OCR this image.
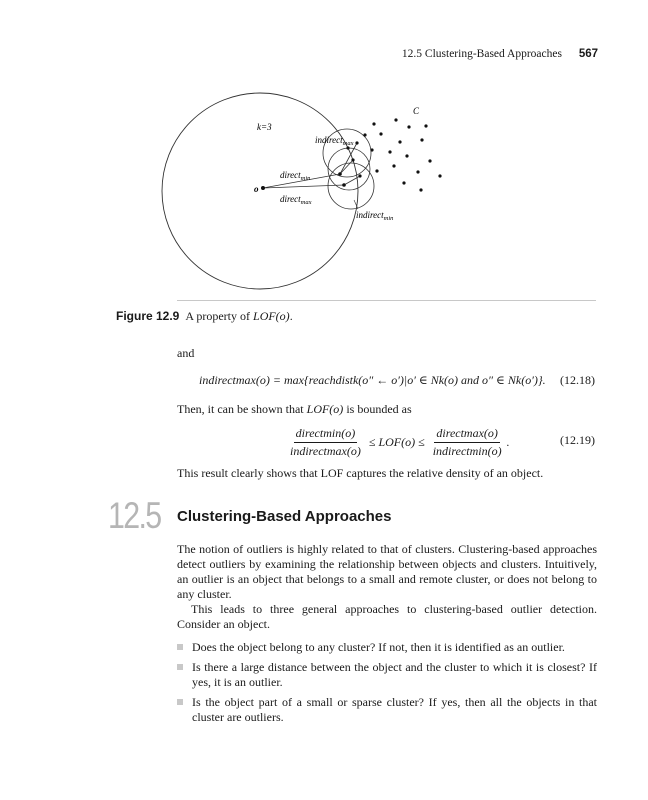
12.5 Clustering-Based Approaches 567
k=3
o
C
direct$_{min}$
direct$_{max}$
indirect$_{max}$
indirect$_{min}$
Figure 12.9 A property of LOF(o).
and
indirectmax(o) = max{reachdistk(o″ ← o′)|o′ ∈ Nk(o) and o″ ∈ Nk(o′)}. (12.18)
Then, it can be shown that LOF(o) is bounded as
$\frac{\text{directmin(o)}}{\text{indirectmax(o)}} \le LOF(o) \le \frac{\text{directmax(o)}}{\text{indirectmin(o)}}$ .	(12.19)
This result clearly shows that LOF captures the relative density of an object.
12.5 Clustering-Based Approaches
The notion of outliers is highly related to that of clusters. Clustering-based approaches detect outliers by examining the relationship between objects and clusters. Intuitively, an outlier is an object that belongs to a small and remote cluster, or does not belong to any cluster.
This leads to three general approaches to clustering-based outlier detection. Consider an object.
Does the object belong to any cluster? If not, then it is identified as an outlier.
Is there a large distance between the object and the cluster to which it is closest? If yes, it is an outlier.
Is the object part of a small or sparse cluster? If yes, then all the objects in that cluster are outliers.
